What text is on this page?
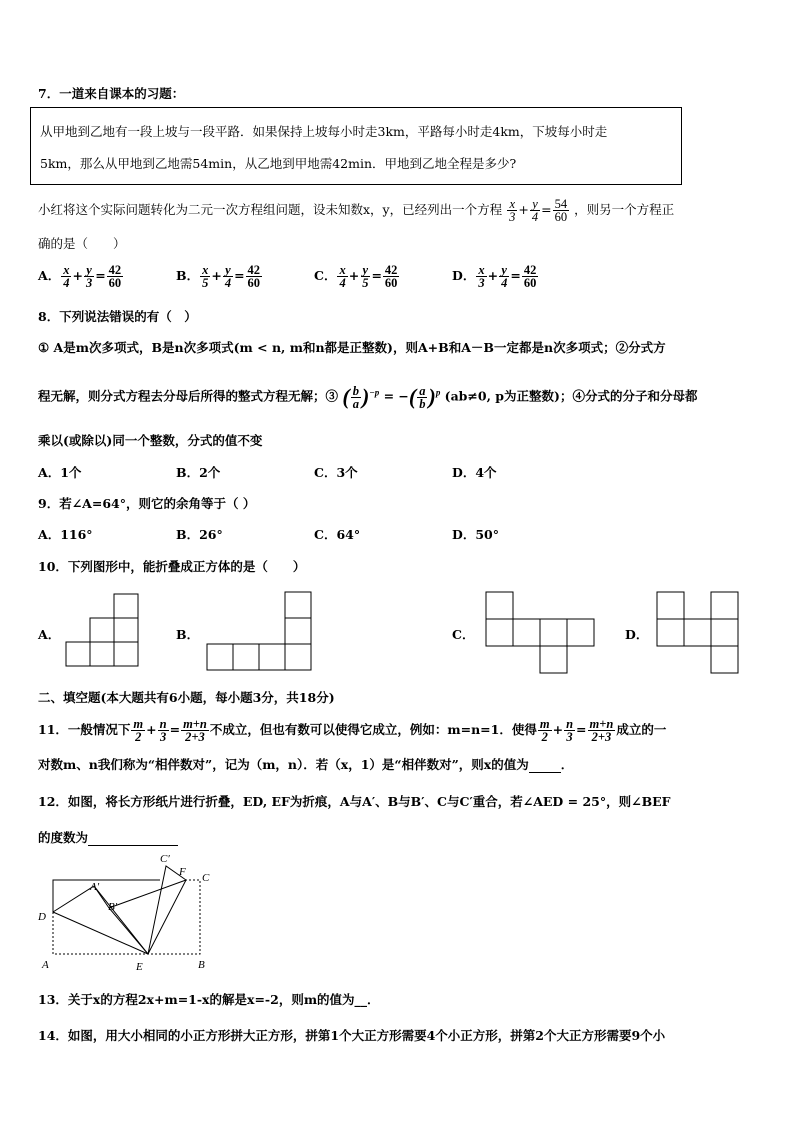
7．一道来自课本的习题：
从甲地到乙地有一段上坡与一段平路．如果保持上坡每小时走3km，平路每小时走4km，下坡每小时走
5km，那么从甲地到乙地需54min，从乙地到甲地需42min．甲地到乙地全程是多少?
小红将这个实际问题转化为二元一次方程组问题，设未知数x，y，已经列出一个方程 $\frac{x}{3} + \frac{y}{4} = \frac{54}{60}$ ，则另一个方程正
确的是（　　）
A． $\frac{x}{4} + \frac{y}{3} = \frac{42}{60}$	B． $\frac{x}{5} + \frac{y}{4} = \frac{42}{60}$	C． $\frac{x}{4} + \frac{y}{5} = \frac{42}{60}$	D． $\frac{x}{3} + \frac{y}{4} = \frac{42}{60}$
8．下列说法错误的有（　）
① A是m次多项式，B是n次多项式(m < n, m和n都是正整数)，则A+B和A－B一定都是n次多项式；②分式方
程无解，则分式方程去分母后所得的整式方程无解；③ ( $\frac{b}{a} )^{-p}$ = −( $\frac{a}{b} )^p$ (ab≠0, p为正整数)；④分式的分子和分母都
乘以(或除以)同一个整数，分式的值不变
A．1个	B．2个	C．3个	D．4个
9．若∠A=64°，则它的余角等于（ ）
A．116°	B．26°	C．64°	D．50°
10．下列图形中，能折叠成正方体的是（　　）
A．	B．	C．	D．
二、填空题(本大题共有6小题，每小题3分，共18分)
11．一般情况下 $\frac{m}{2} + \frac{n}{3} = \frac{m+n}{2+3}$ 不成立，但也有数可以使得它成立，例如：m=n=1．使得 $\frac{m}{2} + \frac{n}{3} = \frac{m+n}{2+3}$ 成立的一
对数m、n我们称为“相伴数对”，记为（m，n）．若（x，1）是“相伴数对”，则x的值为	．
12．如图，将长方形纸片进行折叠，ED, EF为折痕，A与A′、B与B′、C与C′重合，若∠AED = 25°，则∠BEF
的度数为
C′
F C
A′
B′
D
A	E	B
13．关于x的方程2x+m=1-x的解是x=-2，则m的值为__．
14．如图，用大小相同的小正方形拼大正方形，拼第1个大正方形需要4个小正方形，拼第2个大正方形需要9个小
